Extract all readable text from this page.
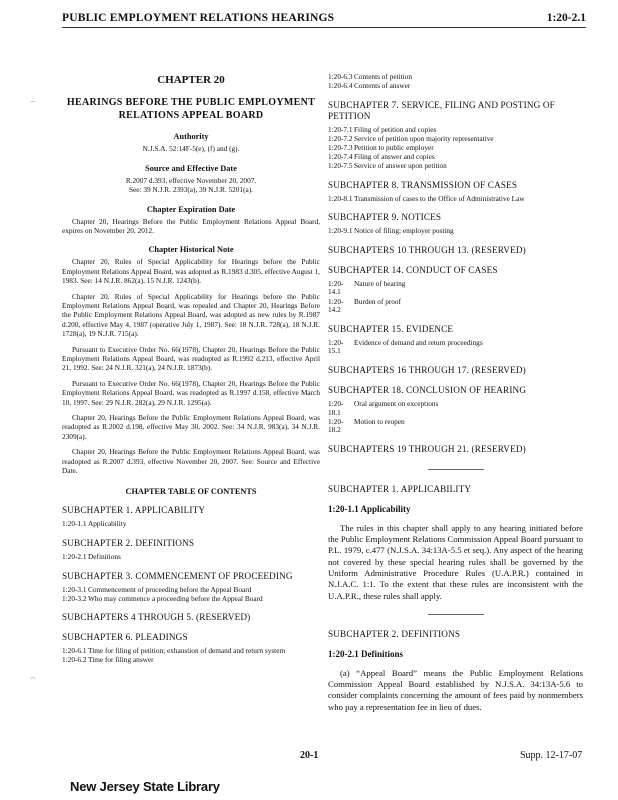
PUBLIC EMPLOYMENT RELATIONS HEARINGS	1:20-2.1
⌣
⌢
CHAPTER 20
HEARINGS BEFORE THE PUBLIC EMPLOYMENT
RELATIONS APPEAL BOARD
Authority
N.J.S.A. 52:14F-5(e), (f) and (g).
Source and Effective Date
R.2007 d.393, effective November 20, 2007.
See: 39 N.J.R. 2393(a), 39 N.J.R. 5201(a).
Chapter Expiration Date
Chapter 20, Hearings Before the Public Employment Relations Appeal Board, expires on November 20, 2012.
Chapter Historical Note
Chapter 20, Rules of Special Applicability for Hearings before the Public Employment Relations Appeal Board, was adopted as R.1983 d.305, effective August 1, 1983. See: 14 N.J.R. 862(a), 15 N.J.R. 1243(b).
Chapter 20, Rules of Special Applicability for Hearings before the Public Employment Relations Appeal Board, was repealed and Chapter 20, Hearings Before the Public Employment Relations Appeal Board, was adopted as new rules by R.1987 d.200, effective May 4, 1987 (operative July 1, 1987). See: 18 N.J.R. 728(a), 18 N.J.R. 1728(a), 19 N.J.R. 715(a).
Pursuant to Executive Order No. 66(1978), Chapter 20, Hearings Before the Public Employment Relations Appeal Board, was readopted as R.1992 d.213, effective April 21, 1992. See: 24 N.J.R. 321(a), 24 N.J.R. 1873(b).
Pursuant to Executive Order No. 66(1978), Chapter 20, Hearings Before the Public Employment Relations Appeal Board, was readopted as R.1997 d.158, effective March 10, 1997. See: 29 N.J.R. 282(a), 29 N.J.R. 1295(a).
Chapter 20, Hearings Before the Public Employment Relations Appeal Board, was readopted as R.2002 d.198, effective May 30, 2002. See: 34 N.J.R. 983(a), 34 N.J.R. 2309(a).
Chapter 20, Hearings Before the Public Employment Relations Appeal Board, was readopted as R.2007 d.393, effective November 20, 2007. See: Source and Effective Date.
CHAPTER TABLE OF CONTENTS
SUBCHAPTER 1. APPLICABILITY
1:20-1.1 Applicability
SUBCHAPTER 2. DEFINITIONS
1:20-2.1 Definitions
SUBCHAPTER 3. COMMENCEMENT OF PROCEEDING
1:20-3.1 Commencement of proceeding before the Appeal Board
1:20-3.2 Who may commence a proceeding before the Appeal Board
SUBCHAPTERS 4 THROUGH 5. (RESERVED)
SUBCHAPTER 6. PLEADINGS
1:20-6.1 Time for filing of petition; exhaustion of demand and return system
1:20-6.2 Time for filing answer
1:20-6.3 Contents of petition
1:20-6.4 Contents of answer
SUBCHAPTER 7. SERVICE, FILING AND POSTING OF PETITION
1:20-7.1 Filing of petition and copies
1:20-7.2 Service of petition upon majority representative
1:20-7.3 Petition to public employer
1:20-7.4 Filing of answer and copies
1:20-7.5 Service of answer upon petition
SUBCHAPTER 8. TRANSMISSION OF CASES
1:20-8.1 Transmission of cases to the Office of Administrative Law
SUBCHAPTER 9. NOTICES
1:20-9.1 Notice of filing; employer posting
SUBCHAPTERS 10 THROUGH 13. (RESERVED)
SUBCHAPTER 14. CONDUCT OF CASES
1:20-14.1
Nature of hearing
1:20-14.2
Burden of proof
SUBCHAPTER 15. EVIDENCE
1:20-15.1
Evidence of demand and return proceedings
SUBCHAPTERS 16 THROUGH 17. (RESERVED)
SUBCHAPTER 18. CONCLUSION OF HEARING
1:20-18.1
Oral argument on exceptions
1:20-18.2
Motion to reopen
SUBCHAPTERS 19 THROUGH 21. (RESERVED)
SUBCHAPTER 1. APPLICABILITY
1:20-1.1 Applicability
The rules in this chapter shall apply to any hearing initiated before the Public Employment Relations Commission Appeal Board pursuant to P.L. 1979, c.477 (N.J.S.A. 34:13A-5.5 et seq.). Any aspect of the hearing not covered by these special hearing rules shall be governed by the Uniform Administrative Procedure Rules (U.A.P.R.) contained in N.J.A.C. 1:1. To the extent that these rules are inconsistent with the U.A.P.R., these rules shall apply.
SUBCHAPTER 2. DEFINITIONS
1:20-2.1 Definitions
(a) “Appeal Board” means the Public Employment Relations Commission Appeal Board established by N.J.S.A. 34:13A-5.6 to consider complaints concerning the amount of fees paid by nonmembers who pay a representation fee in lieu of dues.
20-1	Supp. 12-17-07
New Jersey State Library
